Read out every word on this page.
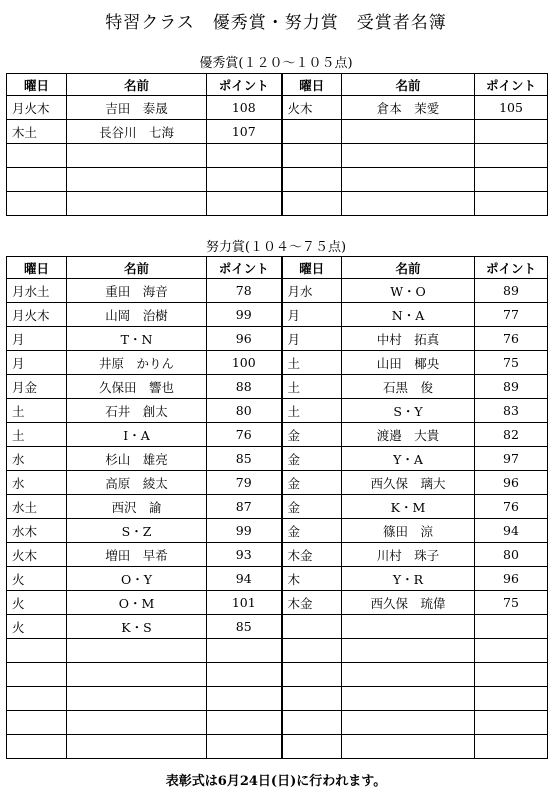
特習クラス　優秀賞・努力賞　受賞者名簿
優秀賞(１２０～１０５点)
曜日	名前	ポイント	曜日	名前	ポイント
月火木	吉田　泰晟	108	火木	倉本　茉愛	105
木土	長谷川　七海	107			

努力賞(１０４～７５点)
曜日	名前	ポイント	曜日	名前	ポイント
月水土	重田　海音	78	月水	W・O	89
月火木	山岡　治樹	99	月	N・A	77
月	T・N	96	月	中村　拓真	76
月	井原　かりん	100	土	山田　椰央	75
月金	久保田　響也	88	土	石黒　俊	89
土	石井　創太	80	土	S・Y	83
土	I・A	76	金	渡邉　大貴	82
水	杉山　雄亮	85	金	Y・A	97
水	高原　綾太	79	金	西久保　璃大	96
水土	西沢　諭	87	金	K・M	76
水木	S・Z	99	金	篠田　涼	94
火木	増田　早希	93	木金	川村　珠子	80
火	O・Y	94	木	Y・R	96
火	O・M	101	木金	西久保　琉偉	75
火	K・S	85			

表彰式は6月24日(日)に行われます。
